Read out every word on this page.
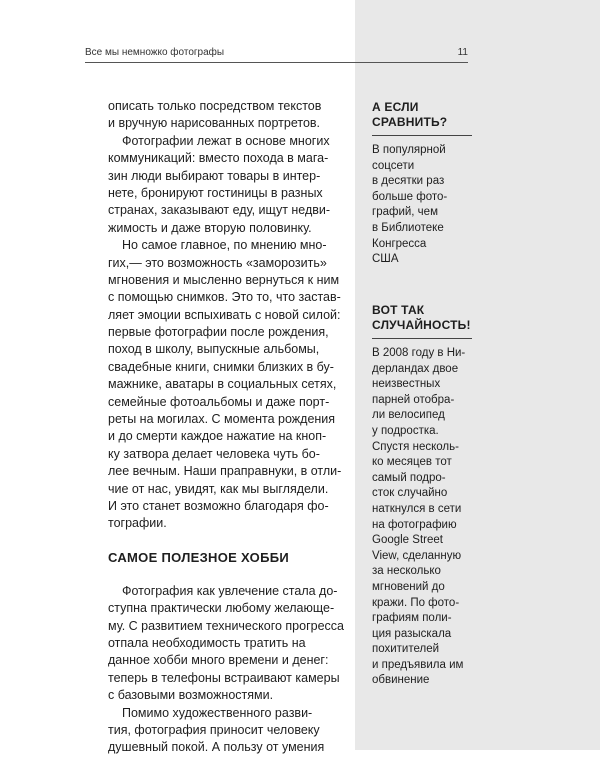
Все мы немножко фотографы	11
описать только посредством текстов
и вручную нарисованных портретов.
Фотографии лежат в основе многих
коммуникаций: вместо похода в мага-
зин люди выбирают товары в интер-
нете, бронируют гостиницы в разных
странах, заказывают еду, ищут недви-
жимость и даже вторую половинку.
Но самое главное, по мнению мно-
гих,— это возможность «заморозить»
мгновения и мысленно вернуться к ним
с помощью снимков. Это то, что застав-
ляет эмоции вспыхивать с новой силой:
первые фотографии после рождения,
поход в школу, выпускные альбомы,
свадебные книги, снимки близких в бу-
мажнике, аватары в социальных сетях,
семейные фотоальбомы и даже порт-
реты на могилах. С момента рождения
и до смерти каждое нажатие на кноп-
ку затвора делает человека чуть бо-
лее вечным. Наши праправнуки, в отли-
чие от нас, увидят, как мы выглядели.
И это станет возможно благодаря фо-
тографии.
САМОЕ ПОЛЕЗНОЕ ХОББИ
Фотография как увлечение стала до-
ступна практически любому желающе-
му. С развитием технического прогресса
отпала необходимость тратить на
данное хобби много времени и денег:
теперь в телефоны встраивают камеры
с базовыми возможностями.
Помимо художественного разви-
тия, фотография приносит человеку
душевный покой. А пользу от умения
А ЕСЛИ
СРАВНИТЬ?
В популярной
соцсети
в десятки раз
больше фото-
графий, чем
в Библиотеке
Конгресса
США
ВОТ ТАК
СЛУЧАЙНОСТЬ!
В 2008 году в Ни-
дерландах двое
неизвестных
парней отобра-
ли велосипед
у подростка.
Спустя несколь-
ко месяцев тот
самый подро-
сток случайно
наткнулся в сети
на фотографию
Google Street
View, сделанную
за несколько
мгновений до
кражи. По фото-
графиям поли-
ция разыскала
похитителей
и предъявила им
обвинение
